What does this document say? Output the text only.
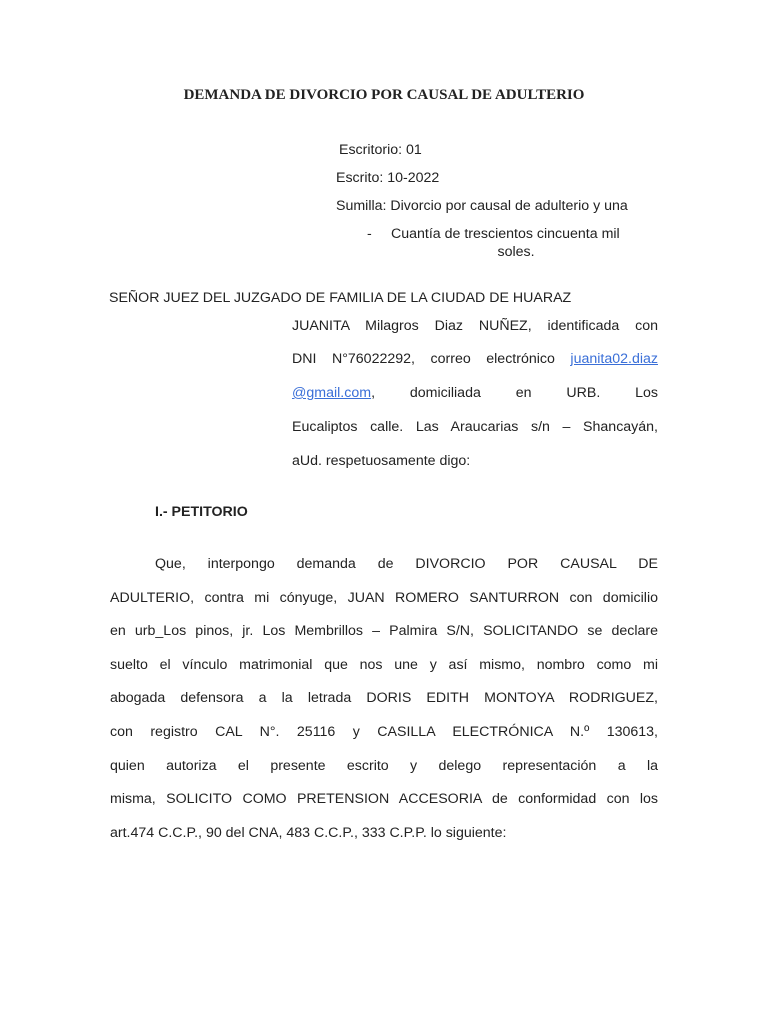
DEMANDA DE DIVORCIO POR CAUSAL DE ADULTERIO
Escritorio: 01
Escrito: 10-2022
Sumilla: Divorcio por causal de adulterio y una
- Cuantía de trescientos cincuenta mil
soles.
SEÑOR JUEZ DEL JUZGADO DE FAMILIA DE LA CIUDAD DE HUARAZ
JUANITA Milagros Diaz NUÑEZ, identificada con
DNI N°76022292, correo electrónico juanita02.diaz
@gmail.com, domiciliada en URB. Los
Eucaliptos calle. Las Araucarias s/n – Shancayán,
aUd. respetuosamente digo:
I.- PETITORIO
Que, interpongo demanda de DIVORCIO POR CAUSAL DE
ADULTERIO, contra mi cónyuge, JUAN ROMERO SANTURRON con domicilio
en urb_Los pinos, jr. Los Membrillos – Palmira S/N, SOLICITANDO se declare
suelto el vínculo matrimonial que nos une y así mismo, nombro como mi
abogada defensora a la letrada DORIS EDITH MONTOYA RODRIGUEZ,
con registro CAL N°. 25116 y CASILLA ELECTRÓNICA N.º 130613,
quien autoriza el presente escrito y delego representación a la
misma, SOLICITO COMO PRETENSION ACCESORIA de conformidad con los
art.474 C.C.P., 90 del CNA, 483 C.C.P., 333 C.P.P. lo siguiente:
